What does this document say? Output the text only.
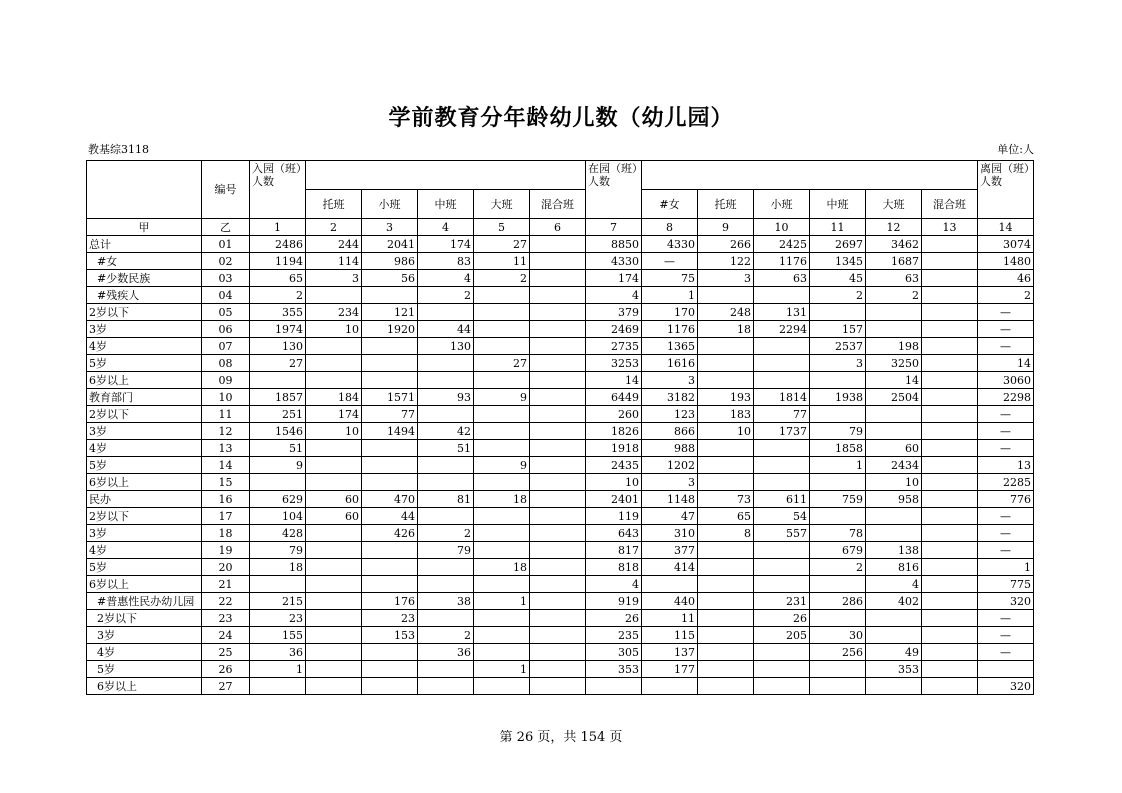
学前教育分年龄幼儿数（幼儿园）
教基综3118	单位:人
	编号	入园（班）人数						在园（班）人数							离园（班）人数
			托班	小班	中班	大班	混合班		#女	托班	小班	中班	大班	混合班	
甲	乙	1	2	3	4	5	6	7	8	9	10	11	12	13	14
总计	01	2486	244	2041	174	27		8850	4330	266	2425	2697	3462		3074
#女	02	1194	114	986	83	11		4330	—	122	1176	1345	1687		1480
#少数民族	03	65	3	56	4	2		174	75	3	63	45	63		46
#残疾人	04	2			2			4	1			2	2		2
2岁以下	05	355	234	121				379	170	248	131				—
3岁	06	1974	10	1920	44			2469	1176	18	2294	157			—
4岁	07	130			130			2735	1365			2537	198		—
5岁	08	27				27		3253	1616			3	3250		14
6岁以上	09							14	3				14		3060
教育部门	10	1857	184	1571	93	9		6449	3182	193	1814	1938	2504		2298
2岁以下	11	251	174	77				260	123	183	77				—
3岁	12	1546	10	1494	42			1826	866	10	1737	79			—
4岁	13	51			51			1918	988			1858	60		—
5岁	14	9				9		2435	1202			1	2434		13
6岁以上	15							10	3				10		2285
民办	16	629	60	470	81	18		2401	1148	73	611	759	958		776
2岁以下	17	104	60	44				119	47	65	54				—
3岁	18	428		426	2			643	310	8	557	78			—
4岁	19	79			79			817	377			679	138		—
5岁	20	18				18		818	414			2	816		1
6岁以上	21							4					4		775
#普惠性民办幼儿园	22	215		176	38	1		919	440		231	286	402		320
2岁以下	23	23		23				26	11		26				—
3岁	24	155		153	2			235	115		205	30			—
4岁	25	36			36			305	137			256	49		—
5岁	26	1				1		353	177				353		
6岁以上	27														320
第 26 页，共 154 页
